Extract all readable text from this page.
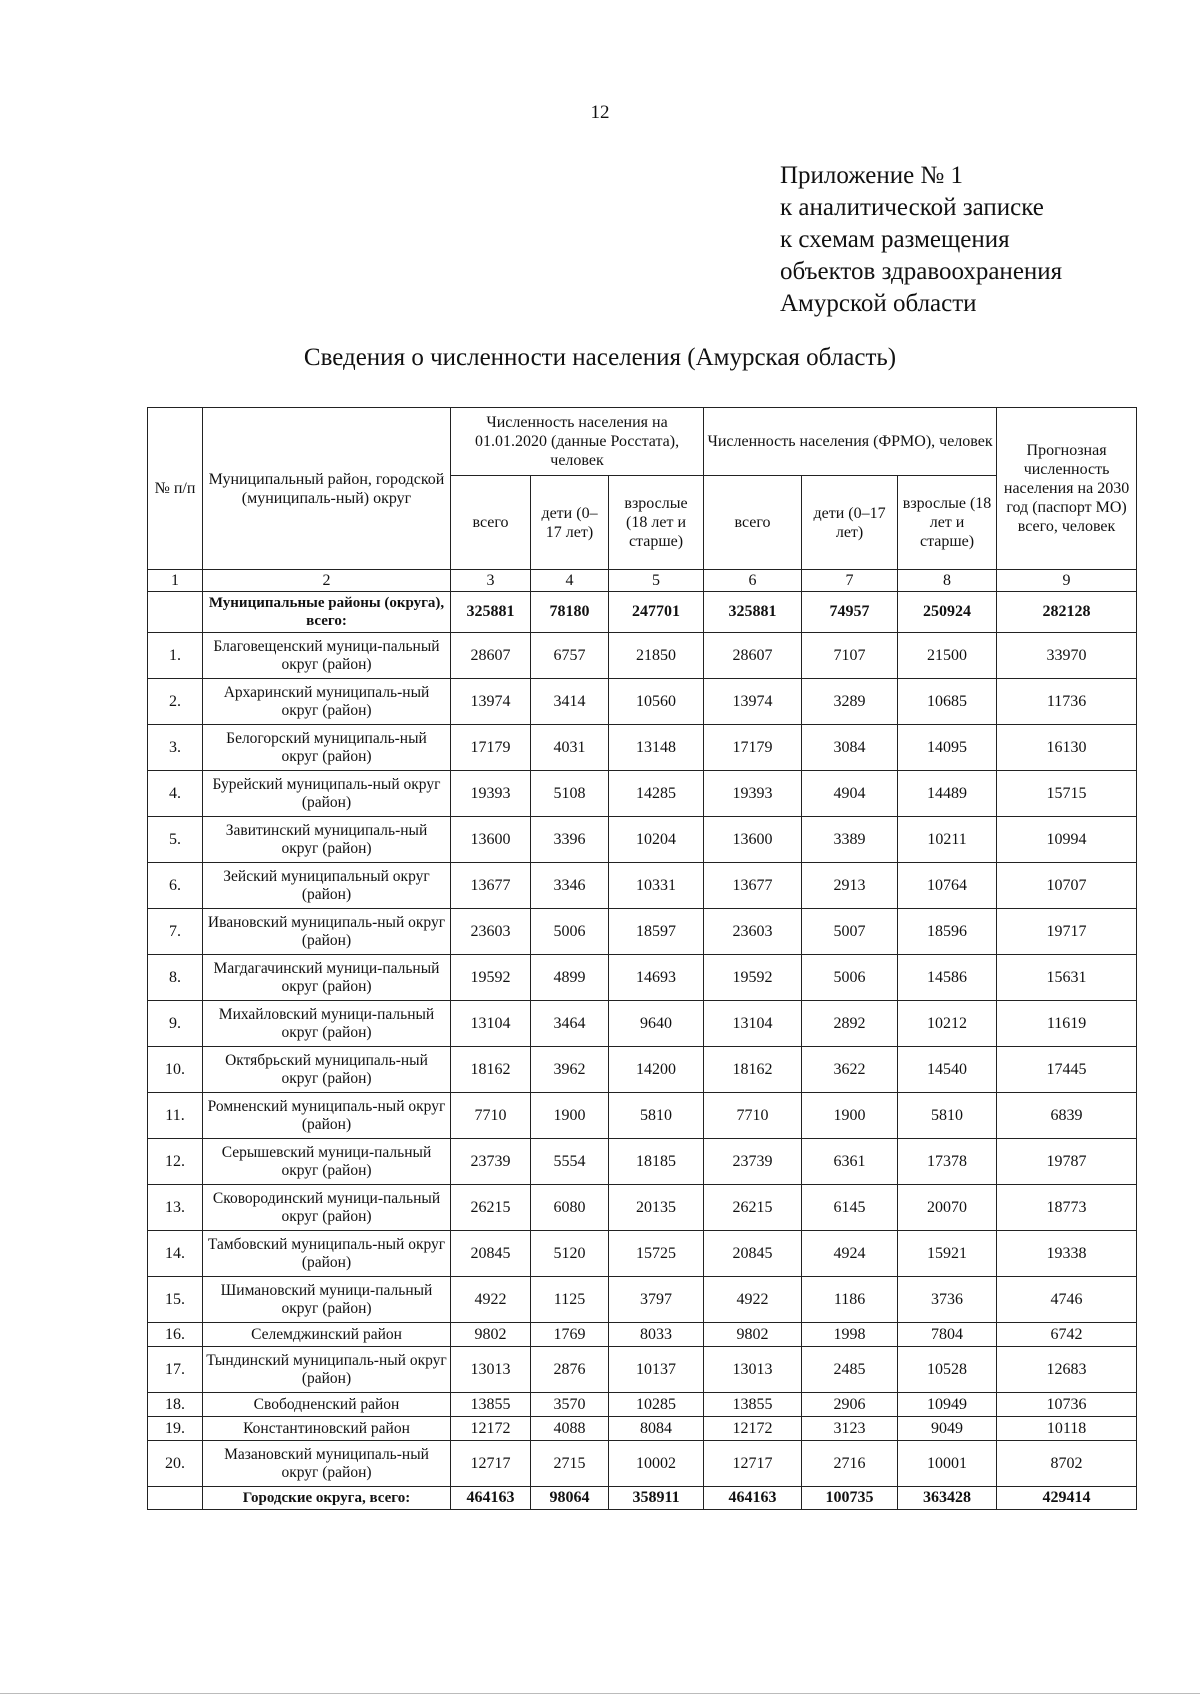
12
Приложение № 1
к аналитической записке
к схемам размещения
объектов здравоохранения
Амурской области
Сведения о численности населения (Амурская область)
№ п/п	Муниципальный район, городской (муниципаль-ный) округ	Численность населения на 01.01.2020 (данные Росстата), человек			Численность населения (ФРМО), человек			Прогнозная численность населения на 2030 год (паспорт МО) всего, человек
		всего	дети (0–17 лет)	взрослые (18 лет и старше)	всего	дети (0–17 лет)	взрослые (18 лет и старше)	
1	2	3	4	5	6	7	8	9
	Муниципальные районы (округа), всего:	325881	78180	247701	325881	74957	250924	282128
1.	Благовещенский муници-пальный округ (район)	28607	6757	21850	28607	7107	21500	33970
2.	Архаринский муниципаль-ный округ (район)	13974	3414	10560	13974	3289	10685	11736
3.	Белогорский муниципаль-ный округ (район)	17179	4031	13148	17179	3084	14095	16130
4.	Бурейский муниципаль-ный округ (район)	19393	5108	14285	19393	4904	14489	15715
5.	Завитинский муниципаль-ный округ (район)	13600	3396	10204	13600	3389	10211	10994
6.	Зейский муниципальный округ (район)	13677	3346	10331	13677	2913	10764	10707
7.	Ивановский муниципаль-ный округ (район)	23603	5006	18597	23603	5007	18596	19717
8.	Магдагачинский муници-пальный округ (район)	19592	4899	14693	19592	5006	14586	15631
9.	Михайловский муници-пальный округ (район)	13104	3464	9640	13104	2892	10212	11619
10.	Октябрьский муниципаль-ный округ (район)	18162	3962	14200	18162	3622	14540	17445
11.	Ромненский муниципаль-ный округ (район)	7710	1900	5810	7710	1900	5810	6839
12.	Серышевский муници-пальный округ (район)	23739	5554	18185	23739	6361	17378	19787
13.	Сковородинский муници-пальный округ (район)	26215	6080	20135	26215	6145	20070	18773
14.	Тамбовский муниципаль-ный округ (район)	20845	5120	15725	20845	4924	15921	19338
15.	Шимановский муници-пальный округ (район)	4922	1125	3797	4922	1186	3736	4746
16.	Селемджинский район	9802	1769	8033	9802	1998	7804	6742
17.	Тындинский муниципаль-ный округ (район)	13013	2876	10137	13013	2485	10528	12683
18.	Свободненский район	13855	3570	10285	13855	2906	10949	10736
19.	Константиновский район	12172	4088	8084	12172	3123	9049	10118
20.	Мазановский муниципаль-ный округ (район)	12717	2715	10002	12717	2716	10001	8702
	Городские округа, всего:	464163	98064	358911	464163	100735	363428	429414
